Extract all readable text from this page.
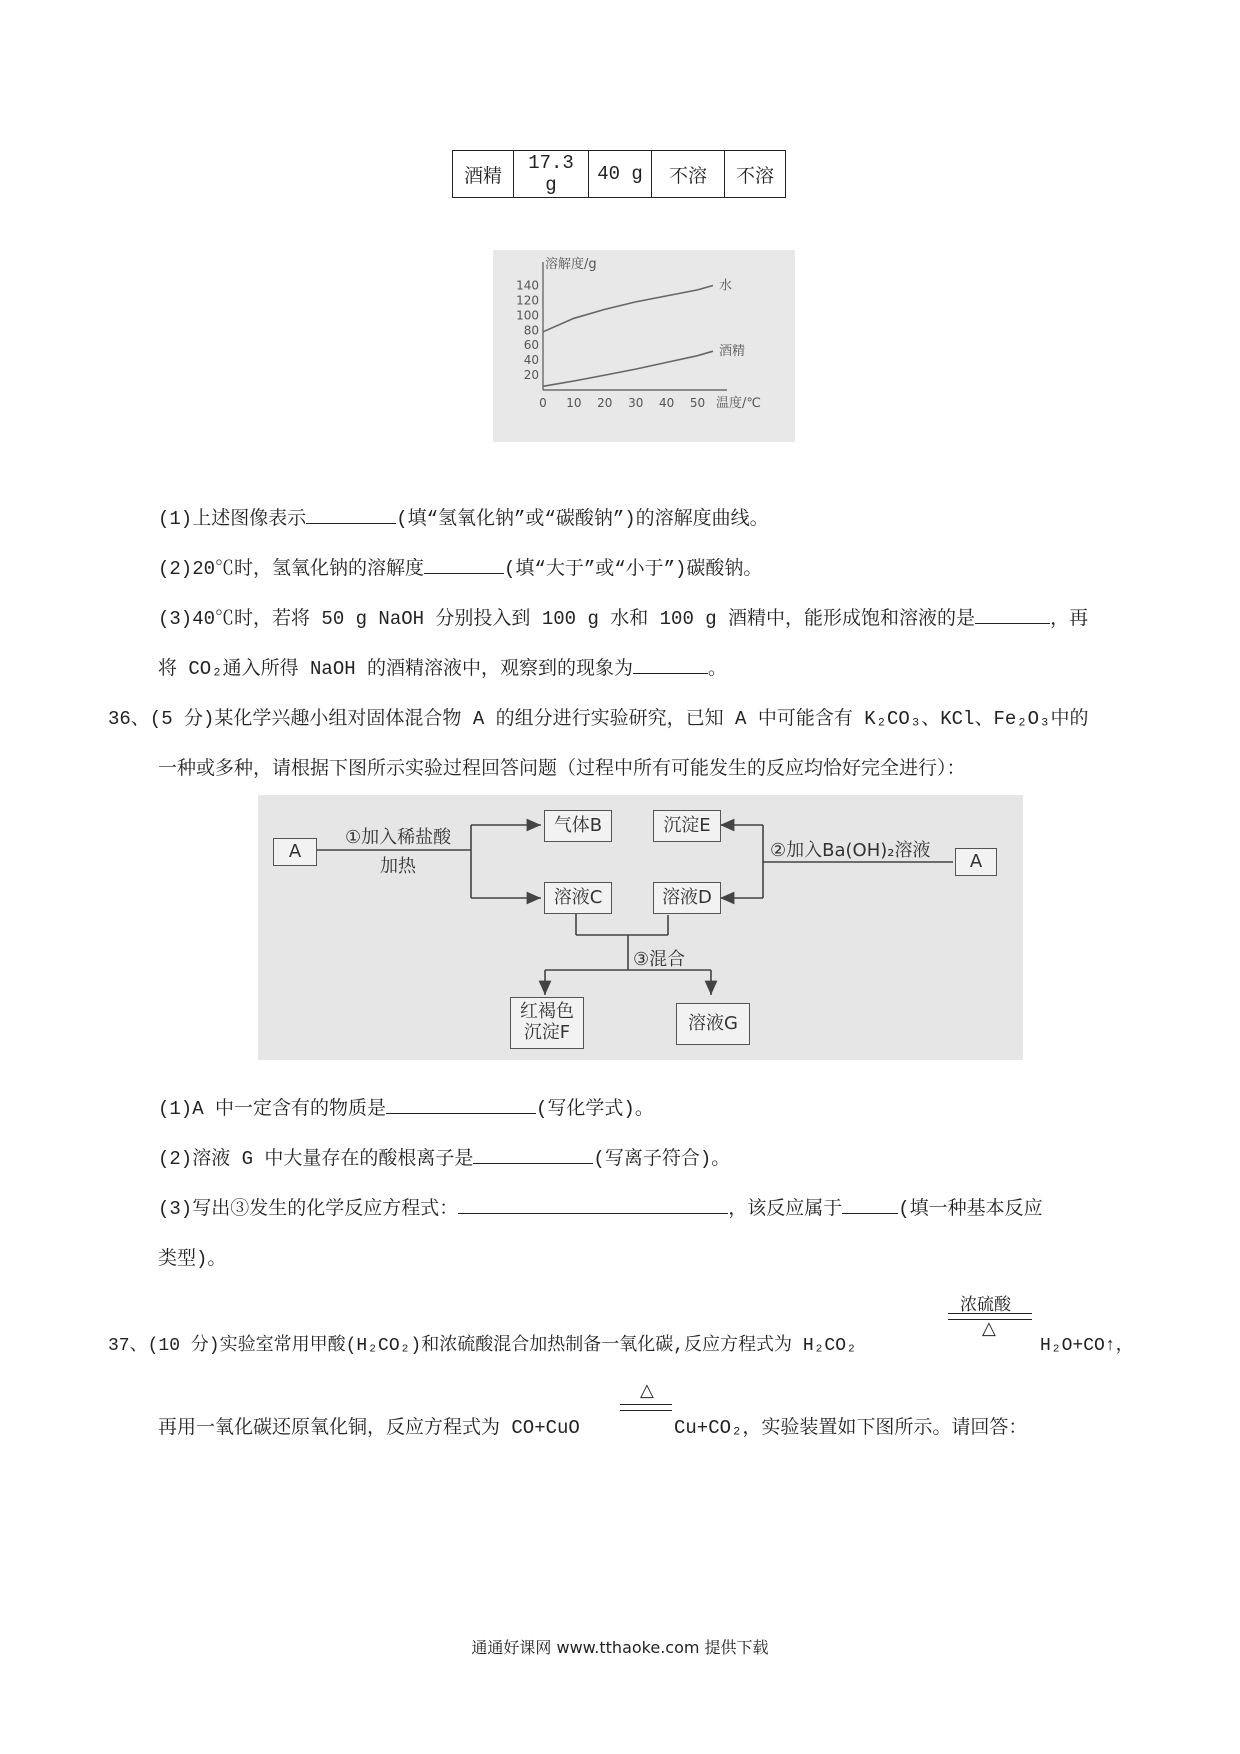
酒精	17.3 g	40 g	不溶	不溶
溶解度/g
温度/℃
20
40
60
80
100
120
140
0 10 20 30 40 50
水
酒精
(1)上述图像表示	(填“氢氧化钠”或“碳酸钠”)的溶解度曲线。
(2)20℃时，氢氧化钠的溶解度	(填“大于”或“小于”)碳酸钠。
(3)40℃时，若将 50 g NaOH 分别投入到 100 g 水和 100 g 酒精中，能形成饱和溶液的是	，再
将 CO₂通入所得 NaOH 的酒精溶液中，观察到的现象为	。
36、(5 分)某化学兴趣小组对固体混合物 A 的组分进行实验研究，已知 A 中可能含有 K₂CO₃、KCl、Fe₂O₃中的
一种或多种，请根据下图所示实验过程回答问题（过程中所有可能发生的反应均恰好完全进行）：
A
①加入稀盐酸
加热
气体B
溶液C
沉淀E
溶液D
②加入Ba(OH)₂溶液
A
③混合
红褐色
沉淀F	溶液G
(1)A 中一定含有的物质是	(写化学式)。
(2)溶液 G 中大量存在的酸根离子是	(写离子符合)。
(3)写出③发生的化学反应方程式：	，该反应属于	(填一种基本反应
类型)。
37、(10 分)实验室常用甲酸(H₂CO₂)和浓硫酸混合加热制备一氧化碳,反应方程式为 H₂CO₂
浓硫酸
△
H₂O+CO↑，
再用一氧化碳还原氧化铜，反应方程式为 CO+CuO
△
Cu+CO₂，实验装置如下图所示。请回答：
通通好课网 www.tthaoke.com 提供下载
